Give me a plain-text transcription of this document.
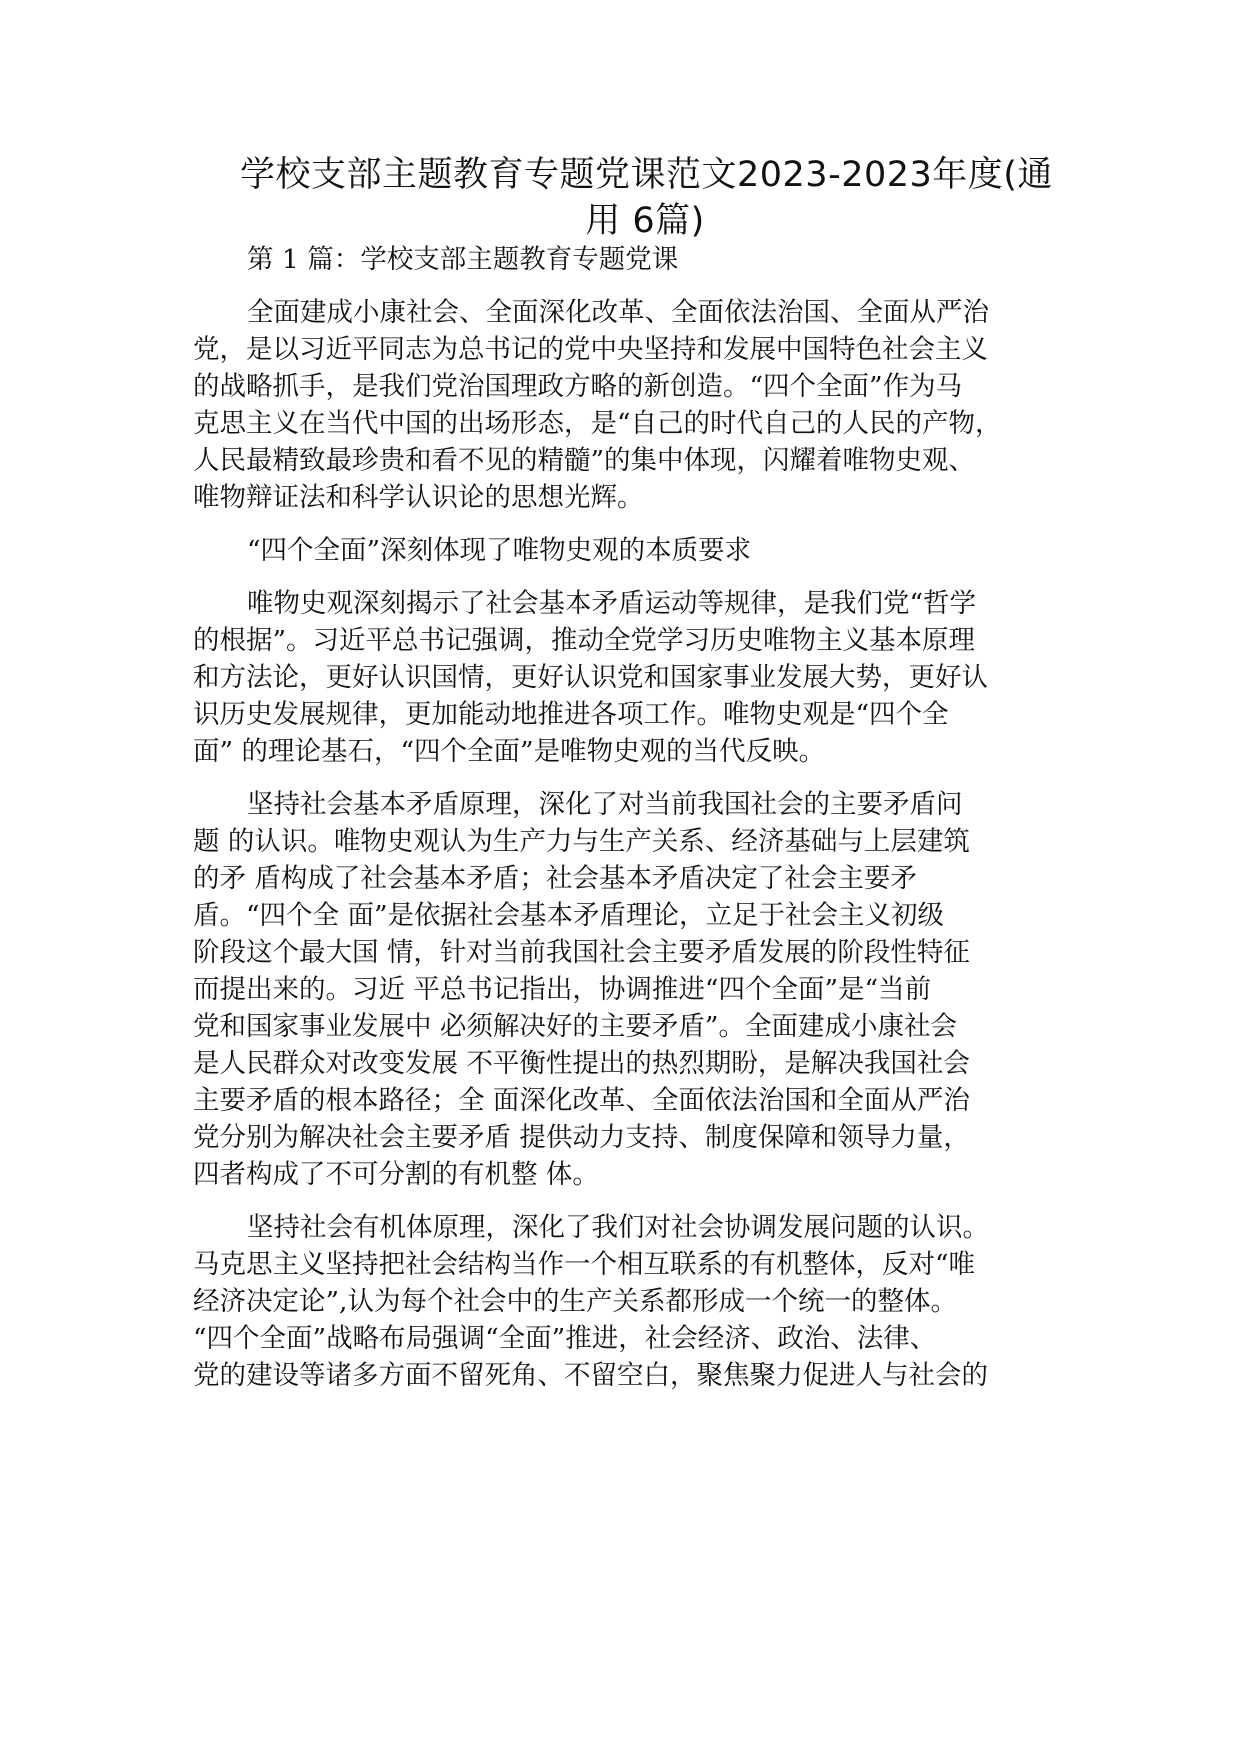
学校支部主题教育专题党课范文2023-2023年度(通
用 6篇)
第 1 篇：学校支部主题教育专题党课
全面建成小康社会、全面深化改革、全面依法治国、全面从严治
党，是以习近平同志为总书记的党中央坚持和发展中国特色社会主义
的战略抓手，是我们党治国理政方略的新创造。“四个全面”作为马
克思主义在当代中国的出场形态，是“自己的时代自己的人民的产物，
人民最精致最珍贵和看不见的精髓”的集中体现，闪耀着唯物史观、
唯物辩证法和科学认识论的思想光辉。
“四个全面”深刻体现了唯物史观的本质要求
唯物史观深刻揭示了社会基本矛盾运动等规律，是我们党“哲学
的根据”。习近平总书记强调，推动全党学习历史唯物主义基本原理
和方法论，更好认识国情，更好认识党和国家事业发展大势，更好认
识历史发展规律，更加能动地推进各项工作。唯物史观是“四个全
面” 的理论基石，“四个全面”是唯物史观的当代反映。
坚持社会基本矛盾原理，深化了对当前我国社会的主要矛盾问
题 的认识。唯物史观认为生产力与生产关系、经济基础与上层建筑
的矛 盾构成了社会基本矛盾；社会基本矛盾决定了社会主要矛
盾。“四个全 面”是依据社会基本矛盾理论，立足于社会主义初级
阶段这个最大国 情，针对当前我国社会主要矛盾发展的阶段性特征
而提出来的。习近 平总书记指出，协调推进“四个全面”是“当前
党和国家事业发展中 必须解决好的主要矛盾”。全面建成小康社会
是人民群众对改变发展 不平衡性提出的热烈期盼，是解决我国社会
主要矛盾的根本路径；全 面深化改革、全面依法治国和全面从严治
党分别为解决社会主要矛盾 提供动力支持、制度保障和领导力量，
四者构成了不可分割的有机整 体。
坚持社会有机体原理，深化了我们对社会协调发展问题的认识。
马克思主义坚持把社会结构当作一个相互联系的有机整体，反对“唯
经济决定论”,认为每个社会中的生产关系都形成一个统一的整体。
“四个全面”战略布局强调“全面”推进，社会经济、政治、法律、
党的建设等诸多方面不留死角、不留空白，聚焦聚力促进人与社会的
